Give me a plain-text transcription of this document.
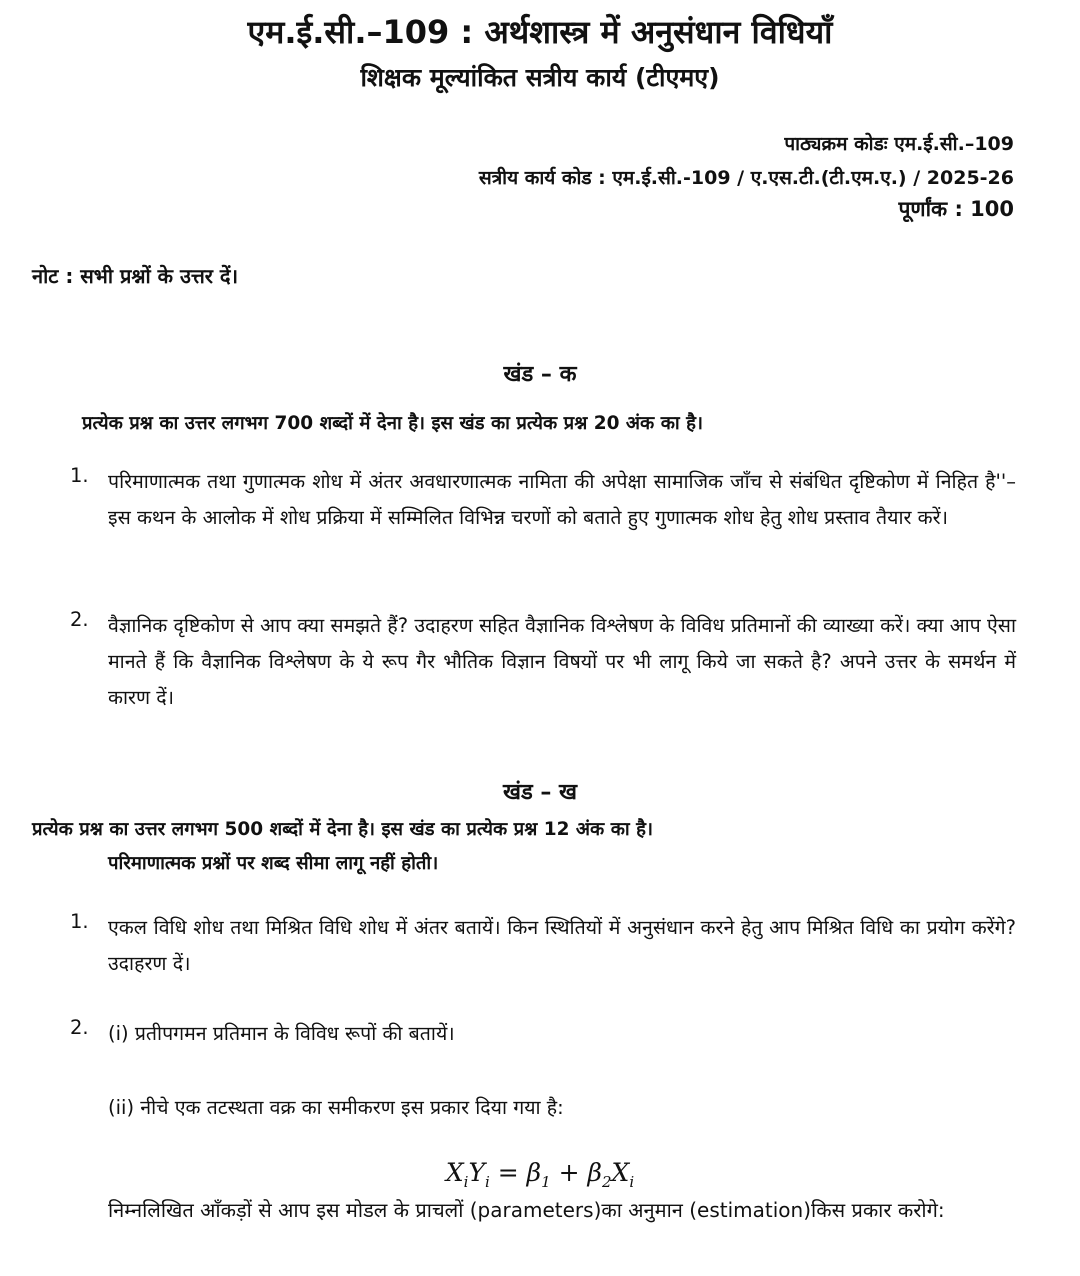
एम.ई.सी.–109 : अर्थशास्त्र में अनुसंधान विधियाँ
शिक्षक मूल्यांकित सत्रीय कार्य (टीएमए)
पाठ्यक्रम कोडः एम.ई.सी.–109
सत्रीय कार्य कोड : एम.ई.सी.-109 / ए.एस.टी.(टी.एम.ए.) / 2025-26
पूर्णांक : 100
नोट : सभी प्रश्नों के उत्तर दें।
खंड – क
प्रत्येक प्रश्न का उत्तर लगभग 700 शब्दों में देना है। इस खंड का प्रत्येक प्रश्न 20 अंक का है।
1. परिमाणात्मक तथा गुणात्मक शोध में अंतर अवधारणात्मक नामिता की अपेक्षा सामाजिक जाँच से संबंधित दृष्टिकोण में निहित है''–इस कथन के आलोक में शोध प्रक्रिया में सम्मिलित विभिन्न चरणों को बताते हुए गुणात्मक शोध हेतु शोध प्रस्ताव तैयार करें।
2. वैज्ञानिक दृष्टिकोण से आप क्या समझते हैं? उदाहरण सहित वैज्ञानिक विश्लेषण के विविध प्रतिमानों की व्याख्या करें। क्या आप ऐसा मानते हैं कि वैज्ञानिक विश्लेषण के ये रूप गैर भौतिक विज्ञान विषयों पर भी लागू किये जा सकते है? अपने उत्तर के समर्थन में कारण दें।
खंड – ख
प्रत्येक प्रश्न का उत्तर लगभग 500 शब्दों में देना है। इस खंड का प्रत्येक प्रश्न 12 अंक का है।
परिमाणात्मक प्रश्नों पर शब्द सीमा लागू नहीं होती।
1. एकल विधि शोध तथा मिश्रित विधि शोध में अंतर बतायें। किन स्थितियों में अनुसंधान करने हेतु आप मिश्रित विधि का प्रयोग करेंगे? उदाहरण दें।
2. (i) प्रतीपगमन प्रतिमान के विविध रूपों की बतायें।
(ii) नीचे एक तटस्थता वक्र का समीकरण इस प्रकार दिया गया है:
$X_iY_i = \beta_1 + \beta_2X_i$
निम्नलिखित आँकड़ों से आप इस मोडल के प्राचलों (parameters)का अनुमान (estimation)किस प्रकार करोगे:
